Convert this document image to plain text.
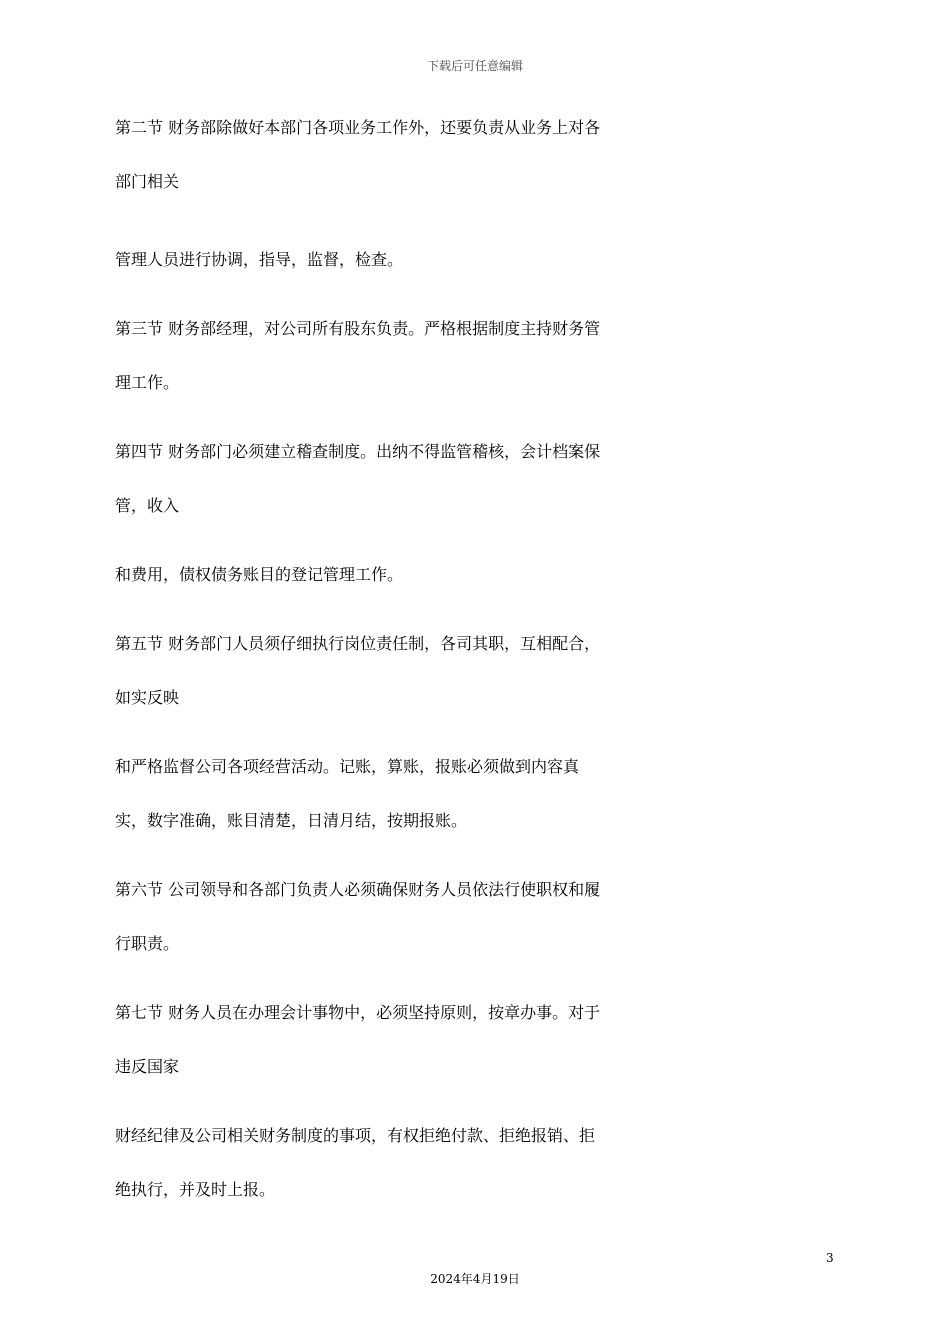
下载后可任意编辑
第二节 财务部除做好本部门各项业务工作外，还要负责从业务上对各
部门相关
管理人员进行协调，指导，监督，检查。
第三节 财务部经理，对公司所有股东负责。严格根据制度主持财务管
理工作。
第四节 财务部门必须建立稽查制度。出纳不得监管稽核，会计档案保
管，收入
和费用，债权债务账目的登记管理工作。
第五节 财务部门人员须仔细执行岗位责任制，各司其职，互相配合，
如实反映
和严格监督公司各项经营活动。记账，算账，报账必须做到内容真
实，数字准确，账目清楚，日清月结，按期报账。
第六节 公司领导和各部门负责人必须确保财务人员依法行使职权和履
行职责。
第七节 财务人员在办理会计事物中，必须坚持原则，按章办事。对于
违反国家
财经纪律及公司相关财务制度的事项，有权拒绝付款、拒绝报销、拒
绝执行，并及时上报。
3
2024年4月19日
